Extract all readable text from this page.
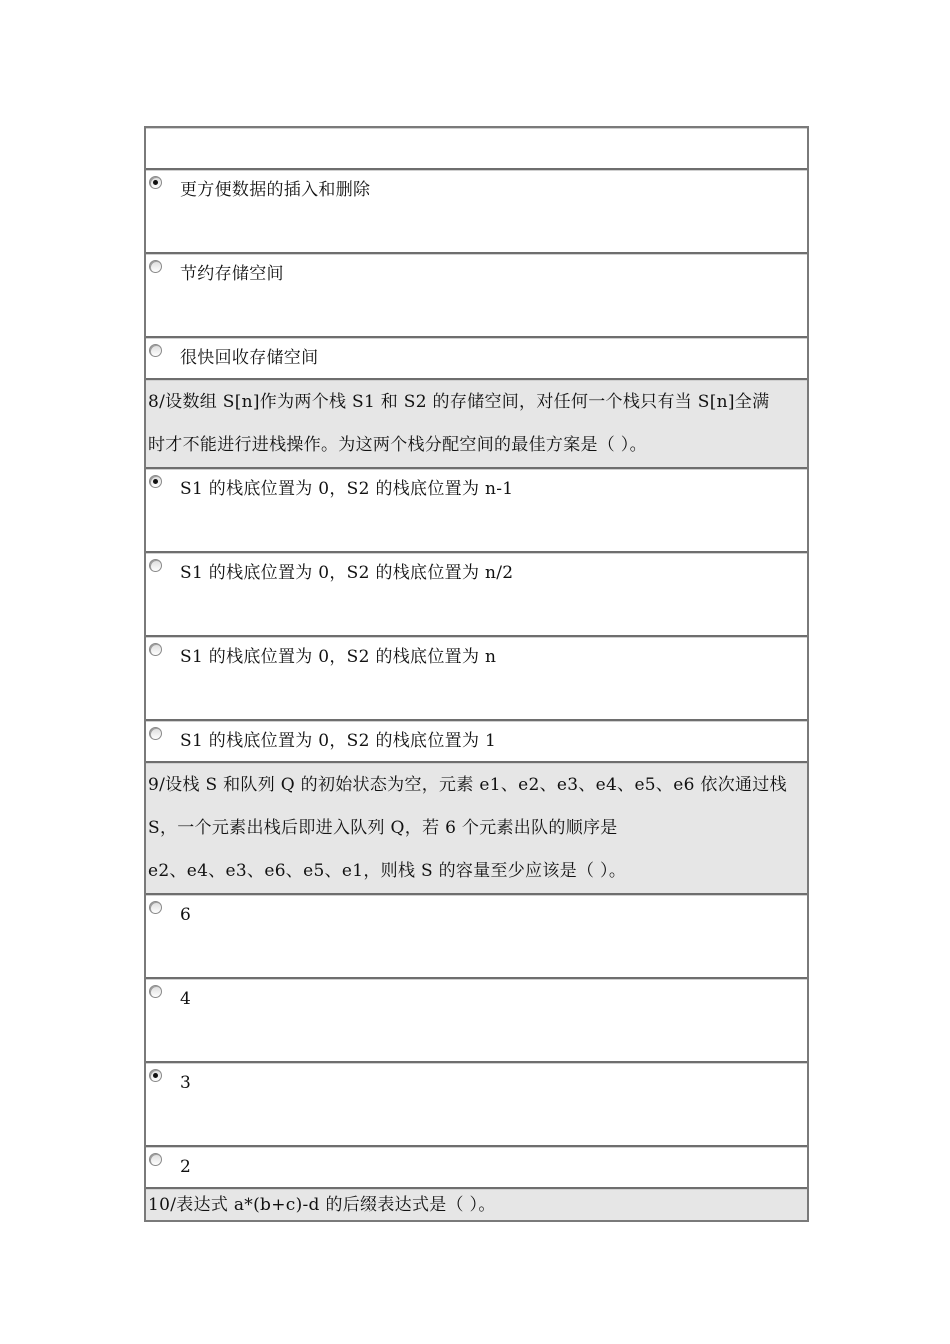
更方便数据的插入和删除
节约存储空间
很快回收存储空间
8/设数组 S[n]作为两个栈 S1 和 S2 的存储空间，对任何一个栈只有当 S[n]全满
时才不能进行进栈操作。为这两个栈分配空间的最佳方案是（ ）。
S1 的栈底位置为 0，S2 的栈底位置为 n-1
S1 的栈底位置为 0，S2 的栈底位置为 n/2
S1 的栈底位置为 0，S2 的栈底位置为 n
S1 的栈底位置为 0，S2 的栈底位置为 1
9/设栈 S 和队列 Q 的初始状态为空，元素 e1、e2、e3、e4、e5、e6 依次通过栈
S，一个元素出栈后即进入队列 Q，若 6 个元素出队的顺序是
e2、e4、e3、e6、e5、e1，则栈 S 的容量至少应该是（ ）。
6
4
3
2
10/表达式 a*(b+c)-d 的后缀表达式是（ ）。
